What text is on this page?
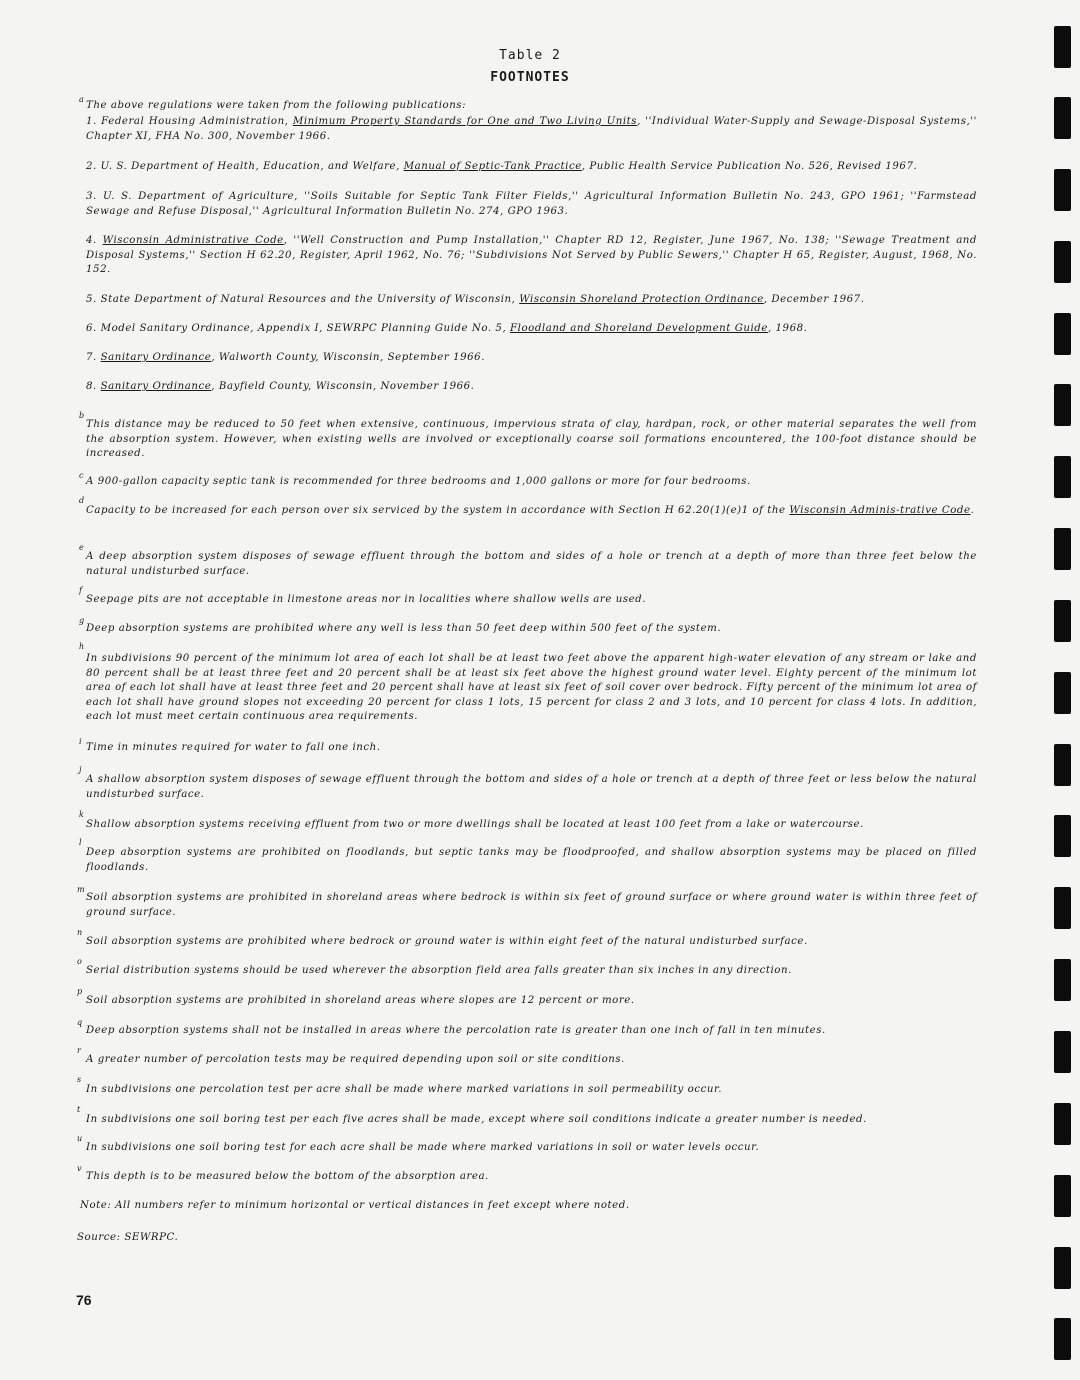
Table 2
FOOTNOTES
a
The above regulations were taken from the following publications:
1. Federal Housing Administration, Minimum Property Standards for One and Two Living Units, ''Individual Water-Supply and Sewage-Disposal Systems,'' Chapter XI, FHA No. 300, November 1966.
2. U. S. Department of Health, Education, and Welfare, Manual of Septic-Tank Practice, Public Health Service Publication No. 526, Revised 1967.
3. U. S. Department of Agriculture, ''Soils Suitable for Septic Tank Filter Fields,'' Agricultural Information Bulletin No. 243, GPO 1961; ''Farmstead Sewage and Refuse Disposal,'' Agricultural Information Bulletin No. 274, GPO 1963.
4. Wisconsin Administrative Code, ''Well Construction and Pump Installation,'' Chapter RD 12, Register, June 1967, No. 138; ''Sewage Treatment and Disposal Systems,'' Section H 62.20, Register, April 1962, No. 76; ''Subdivisions Not Served by Public Sewers,'' Chapter H 65, Register, August, 1968, No. 152.
5. State Department of Natural Resources and the University of Wisconsin, Wisconsin Shoreland Protection Ordinance, December 1967.
6. Model Sanitary Ordinance, Appendix I, SEWRPC Planning Guide No. 5, Floodland and Shoreland Development Guide, 1968.
7. Sanitary Ordinance, Walworth County, Wisconsin, September 1966.
8. Sanitary Ordinance, Bayfield County, Wisconsin, November 1966.
b
This distance may be reduced to 50 feet when extensive, continuous, impervious strata of clay, hardpan, rock, or other material separates the well from the absorption system. However, when existing wells are involved or exceptionally coarse soil formations encountered, the 100-foot distance should be increased.
c
A 900-gallon capacity septic tank is recommended for three bedrooms and 1,000 gallons or more for four bedrooms.
d
Capacity to be increased for each person over six serviced by the system in accordance with Section H 62.20(1)(e)1 of the Wisconsin Adminis-trative Code.
e
A deep absorption system disposes of sewage effluent through the bottom and sides of a hole or trench at a depth of more than three feet below the natural undisturbed surface.
f
Seepage pits are not acceptable in limestone areas nor in localities where shallow wells are used.
g
Deep absorption systems are prohibited where any well is less than 50 feet deep within 500 feet of the system.
h
In subdivisions 90 percent of the minimum lot area of each lot shall be at least two feet above the apparent high-water elevation of any stream or lake and 80 percent shall be at least three feet and 20 percent shall be at least six feet above the highest ground water level. Eighty percent of the minimum lot area of each lot shall have at least three feet and 20 percent shall have at least six feet of soil cover over bedrock. Fifty percent of the minimum lot area of each lot shall have ground slopes not exceeding 20 percent for class 1 lots, 15 percent for class 2 and 3 lots, and 10 percent for class 4 lots. In addition, each lot must meet certain continuous area requirements.
i
Time in minutes required for water to fall one inch.
j
A shallow absorption system disposes of sewage effluent through the bottom and sides of a hole or trench at a depth of three feet or less below the natural undisturbed surface.
k
Shallow absorption systems receiving effluent from two or more dwellings shall be located at least 100 feet from a lake or watercourse.
l
Deep absorption systems are prohibited on floodlands, but septic tanks may be floodproofed, and shallow absorption systems may be placed on filled floodlands.
m
Soil absorption systems are prohibited in shoreland areas where bedrock is within six feet of ground surface or where ground water is within three feet of ground surface.
n
Soil absorption systems are prohibited where bedrock or ground water is within eight feet of the natural undisturbed surface.
o
Serial distribution systems should be used wherever the absorption field area falls greater than six inches in any direction.
p
Soil absorption systems are prohibited in shoreland areas where slopes are 12 percent or more.
q
Deep absorption systems shall not be installed in areas where the percolation rate is greater than one inch of fall in ten minutes.
r
A greater number of percolation tests may be required depending upon soil or site conditions.
s
In subdivisions one percolation test per acre shall be made where marked variations in soil permeability occur.
t
In subdivisions one soil boring test per each five acres shall be made, except where soil conditions indicate a greater number is needed.
u
In subdivisions one soil boring test for each acre shall be made where marked variations in soil or water levels occur.
v
This depth is to be measured below the bottom of the absorption area.
Note: All numbers refer to minimum horizontal or vertical distances in feet except where noted.
Source: SEWRPC.
76
